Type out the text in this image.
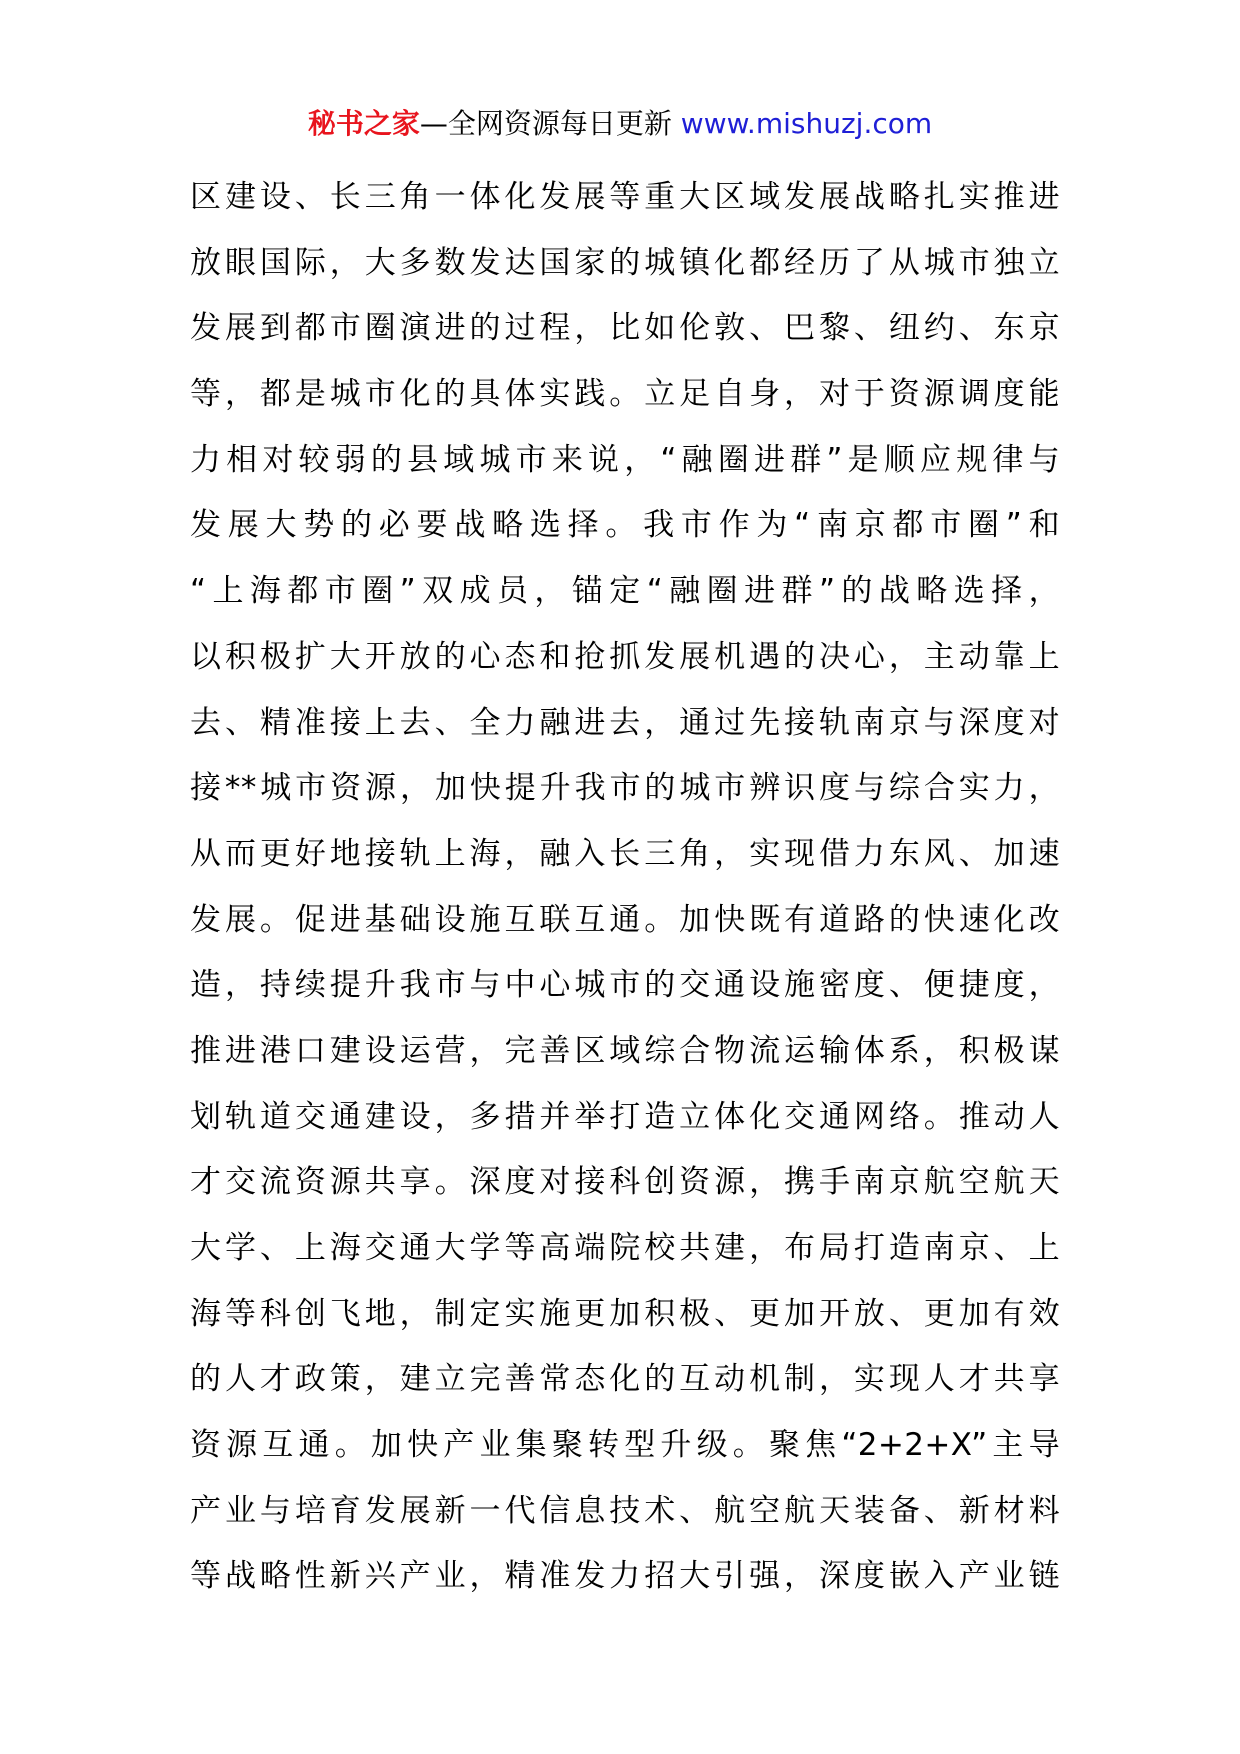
秘书之家—全网资源每日更新 www.mishuzj.com
区建设、长三角一体化发展等重大区域发展战略扎实推进
放眼国际，大多数发达国家的城镇化都经历了从城市独立
发展到都市圈演进的过程，比如伦敦、巴黎、纽约、东京
等，都是城市化的具体实践。立足自身，对于资源调度能
力相对较弱的县域城市来说，“融圈进群”是顺应规律与
发展大势的必要战略选择。我市作为“南京都市圈”和
“上海都市圈”双成员，锚定“融圈进群”的战略选择，
以积极扩大开放的心态和抢抓发展机遇的决心，主动靠上
去、精准接上去、全力融进去，通过先接轨南京与深度对
接**城市资源，加快提升我市的城市辨识度与综合实力，
从而更好地接轨上海，融入长三角，实现借力东风、加速
发展。促进基础设施互联互通。加快既有道路的快速化改
造，持续提升我市与中心城市的交通设施密度、便捷度，
推进港口建设运营，完善区域综合物流运输体系，积极谋
划轨道交通建设，多措并举打造立体化交通网络。推动人
才交流资源共享。深度对接科创资源，携手南京航空航天
大学、上海交通大学等高端院校共建，布局打造南京、上
海等科创飞地，制定实施更加积极、更加开放、更加有效
的人才政策，建立完善常态化的互动机制，实现人才共享
资源互通。加快产业集聚转型升级。聚焦“2+2+X”主导
产业与培育发展新一代信息技术、航空航天装备、新材料
等战略性新兴产业，精准发力招大引强，深度嵌入产业链
